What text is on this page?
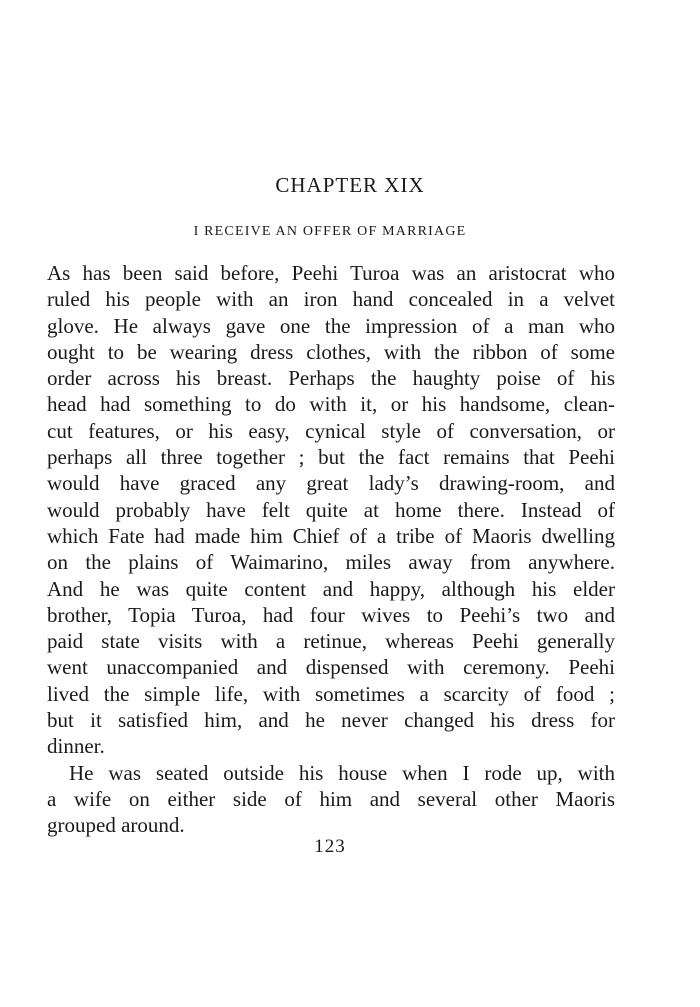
CHAPTER XIX
I RECEIVE AN OFFER OF MARRIAGE
As has been said before, Peehi Turoa was an aristocrat who
ruled his people with an iron hand concealed in a velvet
glove. He always gave one the impression of a man who
ought to be wearing dress clothes, with the ribbon of some
order across his breast. Perhaps the haughty poise of his
head had something to do with it, or his handsome, clean-
cut features, or his easy, cynical style of conversation, or
perhaps all three together ; but the fact remains that Peehi
would have graced any great lady’s drawing-room, and
would probably have felt quite at home there. Instead of
which Fate had made him Chief of a tribe of Maoris dwelling
on the plains of Waimarino, miles away from anywhere.
And he was quite content and happy, although his elder
brother, Topia Turoa, had four wives to Peehi’s two and
paid state visits with a retinue, whereas Peehi generally
went unaccompanied and dispensed with ceremony. Peehi
lived the simple life, with sometimes a scarcity of food ;
but it satisfied him, and he never changed his dress for
dinner.
He was seated outside his house when I rode up, with
a wife on either side of him and several other Maoris
grouped around.
123
